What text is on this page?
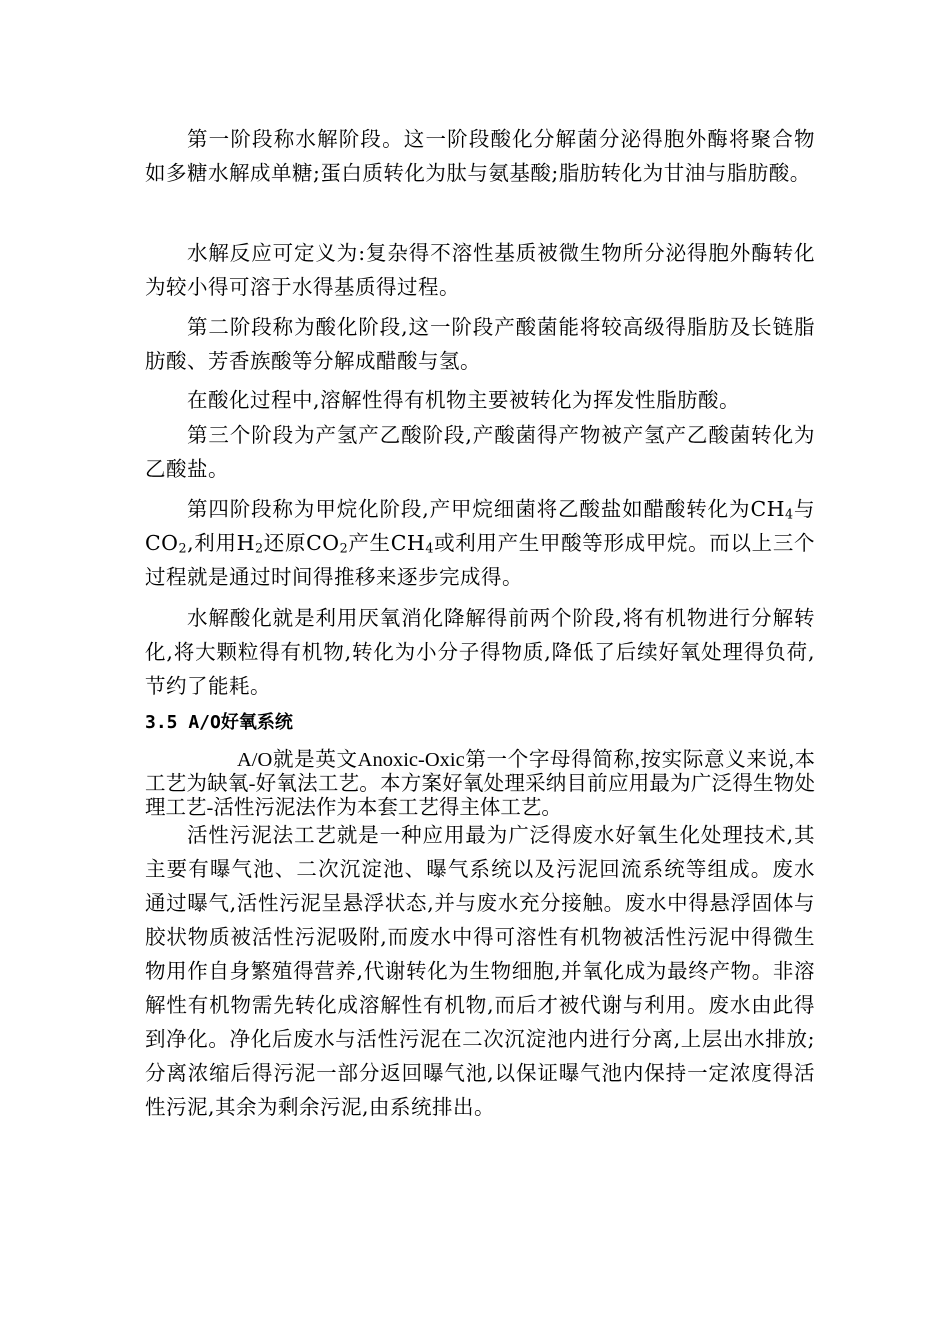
第一阶段称水解阶段。这一阶段酸化分解菌分泌得胞外酶将聚合物如多糖水解成单糖;蛋白质转化为肽与氨基酸;脂肪转化为甘油与脂肪酸。

水解反应可定义为:复杂得不溶性基质被微生物所分泌得胞外酶转化为较小得可溶于水得基质得过程。

第二阶段称为酸化阶段,这一阶段产酸菌能将较高级得脂肪及长链脂肪酸、芳香族酸等分解成醋酸与氢。

在酸化过程中,溶解性得有机物主要被转化为挥发性脂肪酸。

第三个阶段为产氢产乙酸阶段,产酸菌得产物被产氢产乙酸菌转化为乙酸盐。

第四阶段称为甲烷化阶段,产甲烷细菌将乙酸盐如醋酸转化为$CH_4$与$CO_2$,利用$H_2$还原$CO_2$产生$CH_4$或利用产生甲酸等形成甲烷。而以上三个过程就是通过时间得推移来逐步完成得。

水解酸化就是利用厌氧消化降解得前两个阶段,将有机物进行分解转化,将大颗粒得有机物,转化为小分子得物质,降低了后续好氧处理得负荷,节约了能耗。

3.5 A/O好氧系统

A/O就是英文Anoxic-Oxic第一个字母得简称,按实际意义来说,本工艺为缺氧-好氧法工艺。本方案好氧处理采纳目前应用最为广泛得生物处理工艺-活性污泥法作为本套工艺得主体工艺。

活性污泥法工艺就是一种应用最为广泛得废水好氧生化处理技术,其主要有曝气池、二次沉淀池、曝气系统以及污泥回流系统等组成。废水通过曝气,活性污泥呈悬浮状态,并与废水充分接触。废水中得悬浮固体与胶状物质被活性污泥吸附,而废水中得可溶性有机物被活性污泥中得微生物用作自身繁殖得营养,代谢转化为生物细胞,并氧化成为最终产物。非溶解性有机物需先转化成溶解性有机物,而后才被代谢与利用。废水由此得到净化。净化后废水与活性污泥在二次沉淀池内进行分离,上层出水排放;分离浓缩后得污泥一部分返回曝气池,以保证曝气池内保持一定浓度得活性污泥,其余为剩余污泥,由系统排出。
